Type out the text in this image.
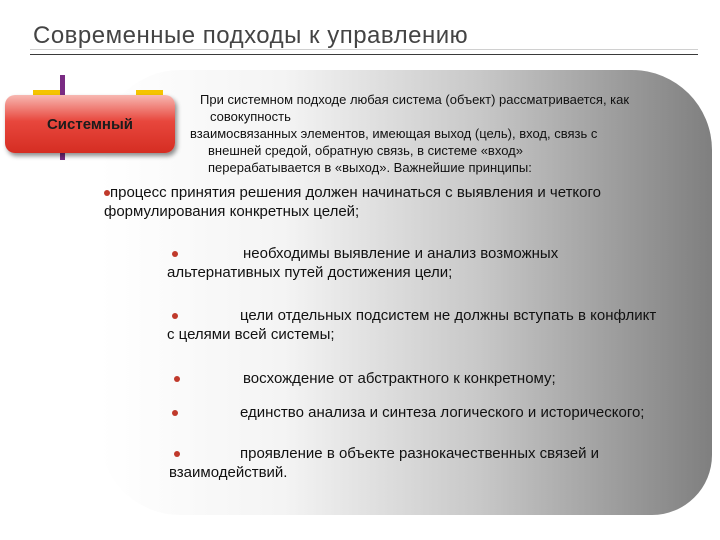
Современные подходы к управлению
Системный
При системном подходе любая система (объект) рассматривается, как
совокупность
взаимосвязанных элементов, имеющая выход (цель), вход, связь с
внешней средой, обратную связь, в системе «вход»
перерабатывается в «выход». Важнейшие принципы:
процесс принятия решения должен начинаться с выявления и четкого
формулирования конкретных целей;
необходимы выявление и анализ возможных
альтернативных путей достижения цели;
цели отдельных подсистем не должны вступать в конфликт
с целями всей системы;
восхождение от абстрактного к конкретному;
единство анализа и синтеза логического и исторического;
проявление в объекте разнокачественных связей и
взаимодействий.
